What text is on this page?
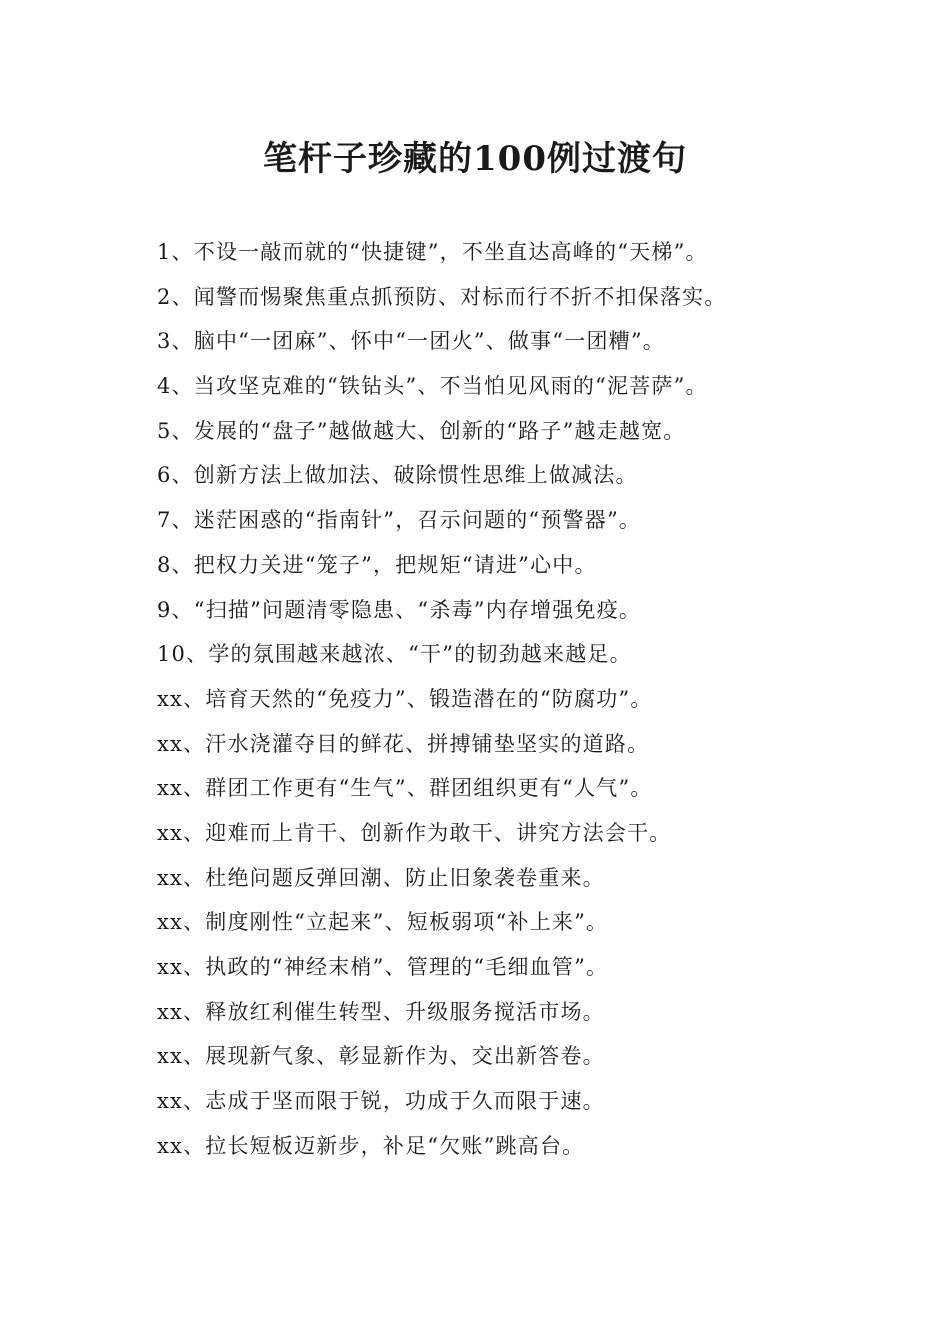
笔杆子珍藏的100例过渡句
1、不设一敲而就的“快捷键”，不坐直达高峰的“天梯”。
2、闻警而惕聚焦重点抓预防、对标而行不折不扣保落实。
3、脑中“一团麻”、怀中“一团火”、做事“一团糟”。
4、当攻坚克难的“铁钻头”、不当怕见风雨的“泥菩萨”。
5、发展的“盘子”越做越大、创新的“路子”越走越宽。
6、创新方法上做加法、破除惯性思维上做减法。
7、迷茫困惑的“指南针”，召示问题的“预警器”。
8、把权力关进“笼子”，把规矩“请进”心中。
9、“扫描”问题清零隐患、“杀毒”内存增强免疫。
10、学的氛围越来越浓、“干”的韧劲越来越足。
xx、培育天然的“免疫力”、锻造潜在的“防腐功”。
xx、汗水浇灌夺目的鲜花、拼搏铺垫坚实的道路。
xx、群团工作更有“生气”、群团组织更有“人气”。
xx、迎难而上肯干、创新作为敢干、讲究方法会干。
xx、杜绝问题反弹回潮、防止旧象袭卷重来。
xx、制度刚性“立起来”、短板弱项“补上来”。
xx、执政的“神经末梢”、管理的“毛细血管”。
xx、释放红利催生转型、升级服务搅活市场。
xx、展现新气象、彰显新作为、交出新答卷。
xx、志成于坚而限于锐，功成于久而限于速。
xx、拉长短板迈新步，补足“欠账”跳高台。
